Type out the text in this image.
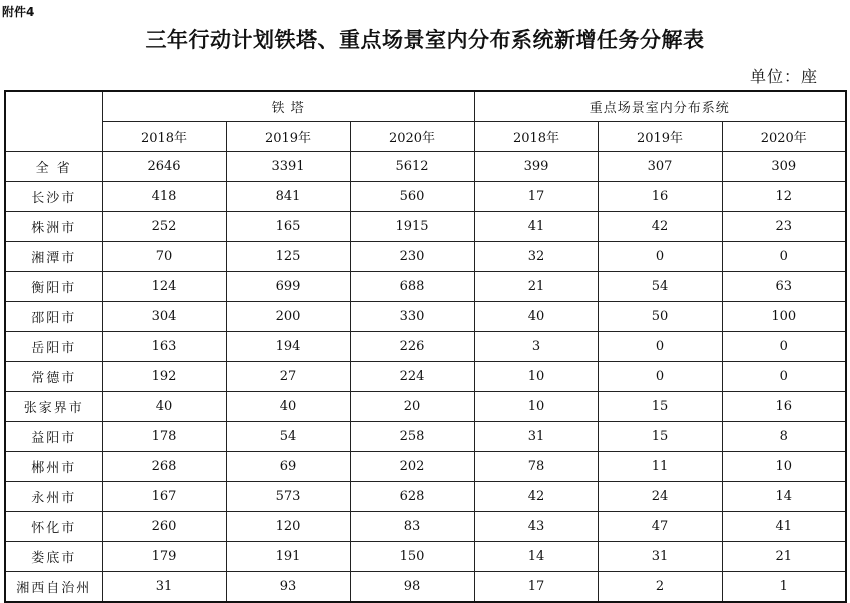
附件4
三年行动计划铁塔、重点场景室内分布系统新增任务分解表
单位：座
	铁 塔			重点场景室内分布系统		
	2018年	2019年	2020年	2018年	2019年	2020年
全 省	2646	3391	5612	399	307	309
长沙市	418	841	560	17	16	12
株洲市	252	165	1915	41	42	23
湘潭市	70	125	230	32	0	0
衡阳市	124	699	688	21	54	63
邵阳市	304	200	330	40	50	100
岳阳市	163	194	226	3	0	0
常德市	192	27	224	10	0	0
张家界市	40	40	20	10	15	16
益阳市	178	54	258	31	15	8
郴州市	268	69	202	78	11	10
永州市	167	573	628	42	24	14
怀化市	260	120	83	43	47	41
娄底市	179	191	150	14	31	21
湘西自治州	31	93	98	17	2	1
